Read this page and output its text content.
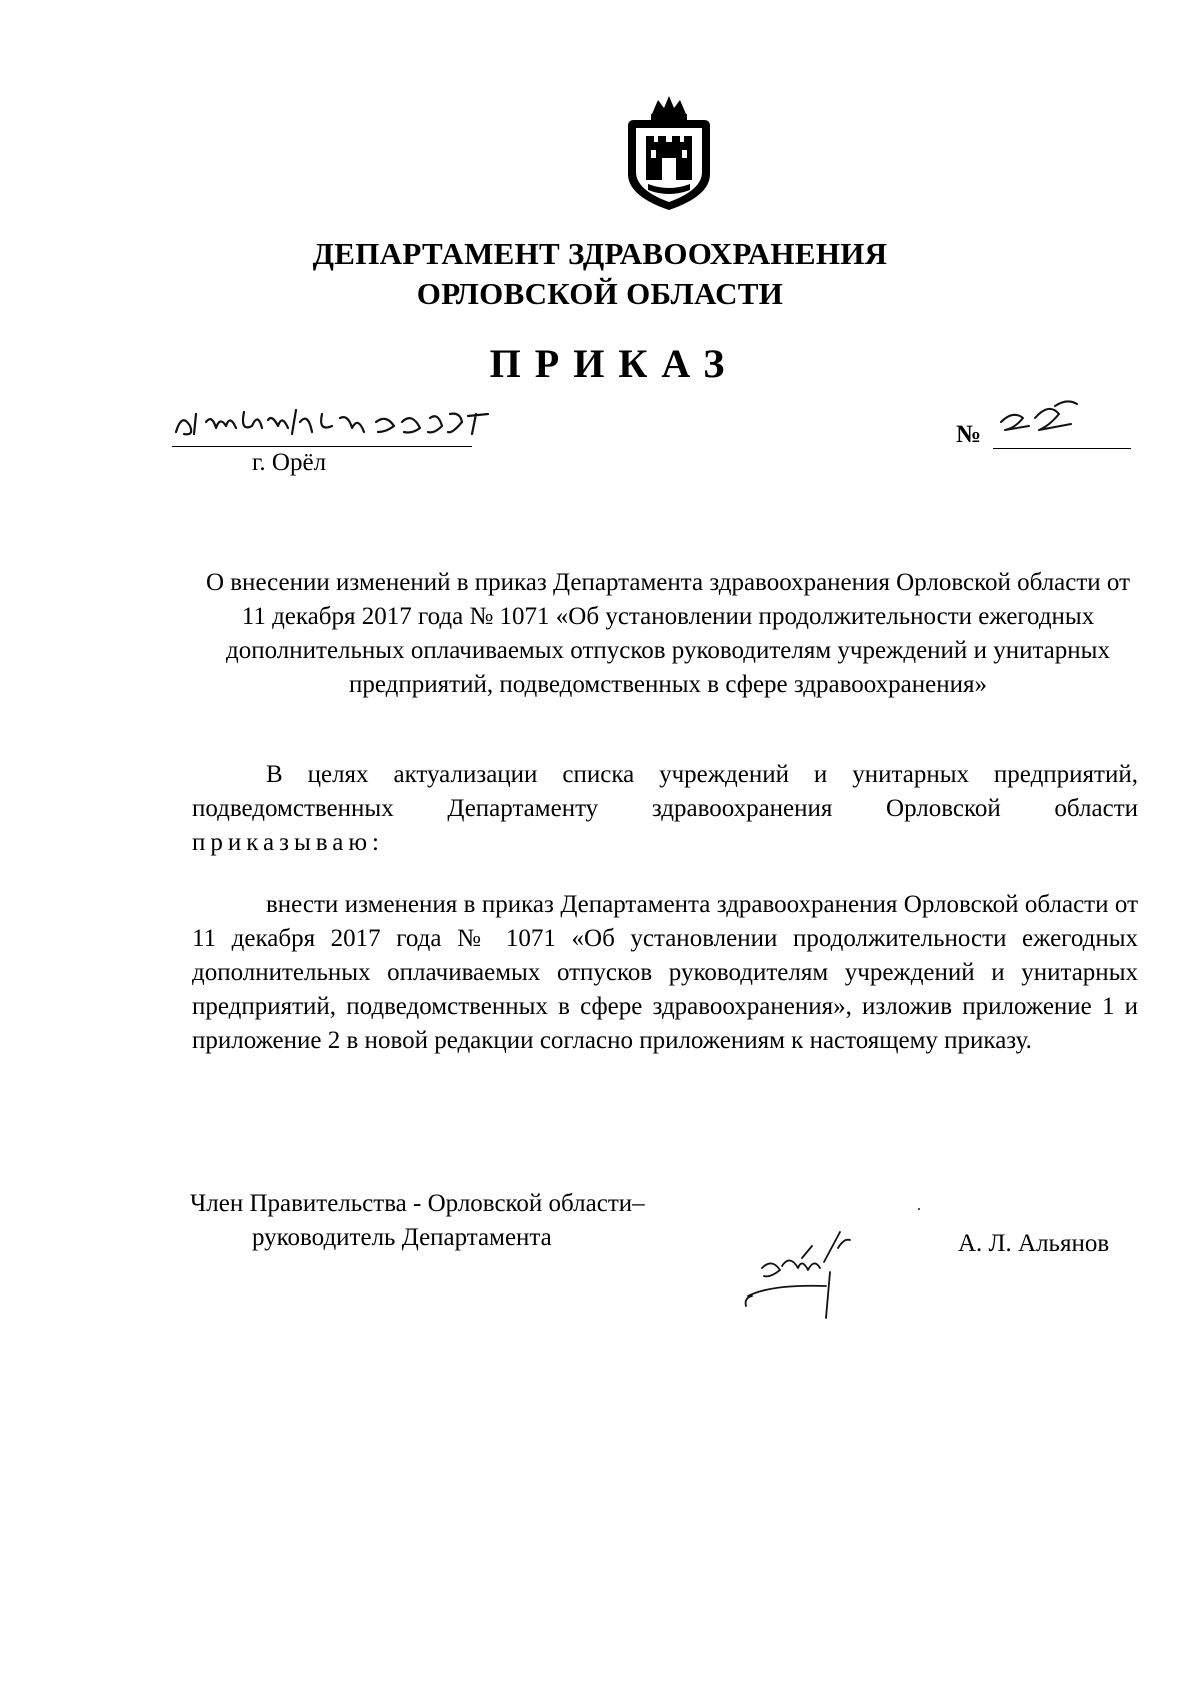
ДЕПАРТАМЕНТ ЗДРАВООХРАНЕНИЯ
ОРЛОВСКОЙ ОБЛАСТИ
ПРИКАЗ
г. Орёл
№
О внесении изменений в приказ Департамента здравоохранения Орловской области от 11 декабря 2017 года № 1071 «Об установлении продолжительности ежегодных дополнительных оплачиваемых отпусков руководителям учреждений и унитарных предприятий, подведомственных в сфере здравоохранения»
В целях актуализации списка учреждений и унитарных предприятий, подведомственных Департаменту здравоохранения Орловской области приказываю:
внести изменения в приказ Департамента здравоохранения Орловской области от 11 декабря 2017 года № 1071 «Об установлении продолжительности ежегодных дополнительных оплачиваемых отпусков руководителям учреждений и унитарных предприятий, подведомственных в сфере здравоохранения», изложив приложение 1 и приложение 2 в новой редакции согласно приложениям к настоящему приказу.
Член Правительства - Орловской области–
руководитель Департамента	А. Л. Альянов
